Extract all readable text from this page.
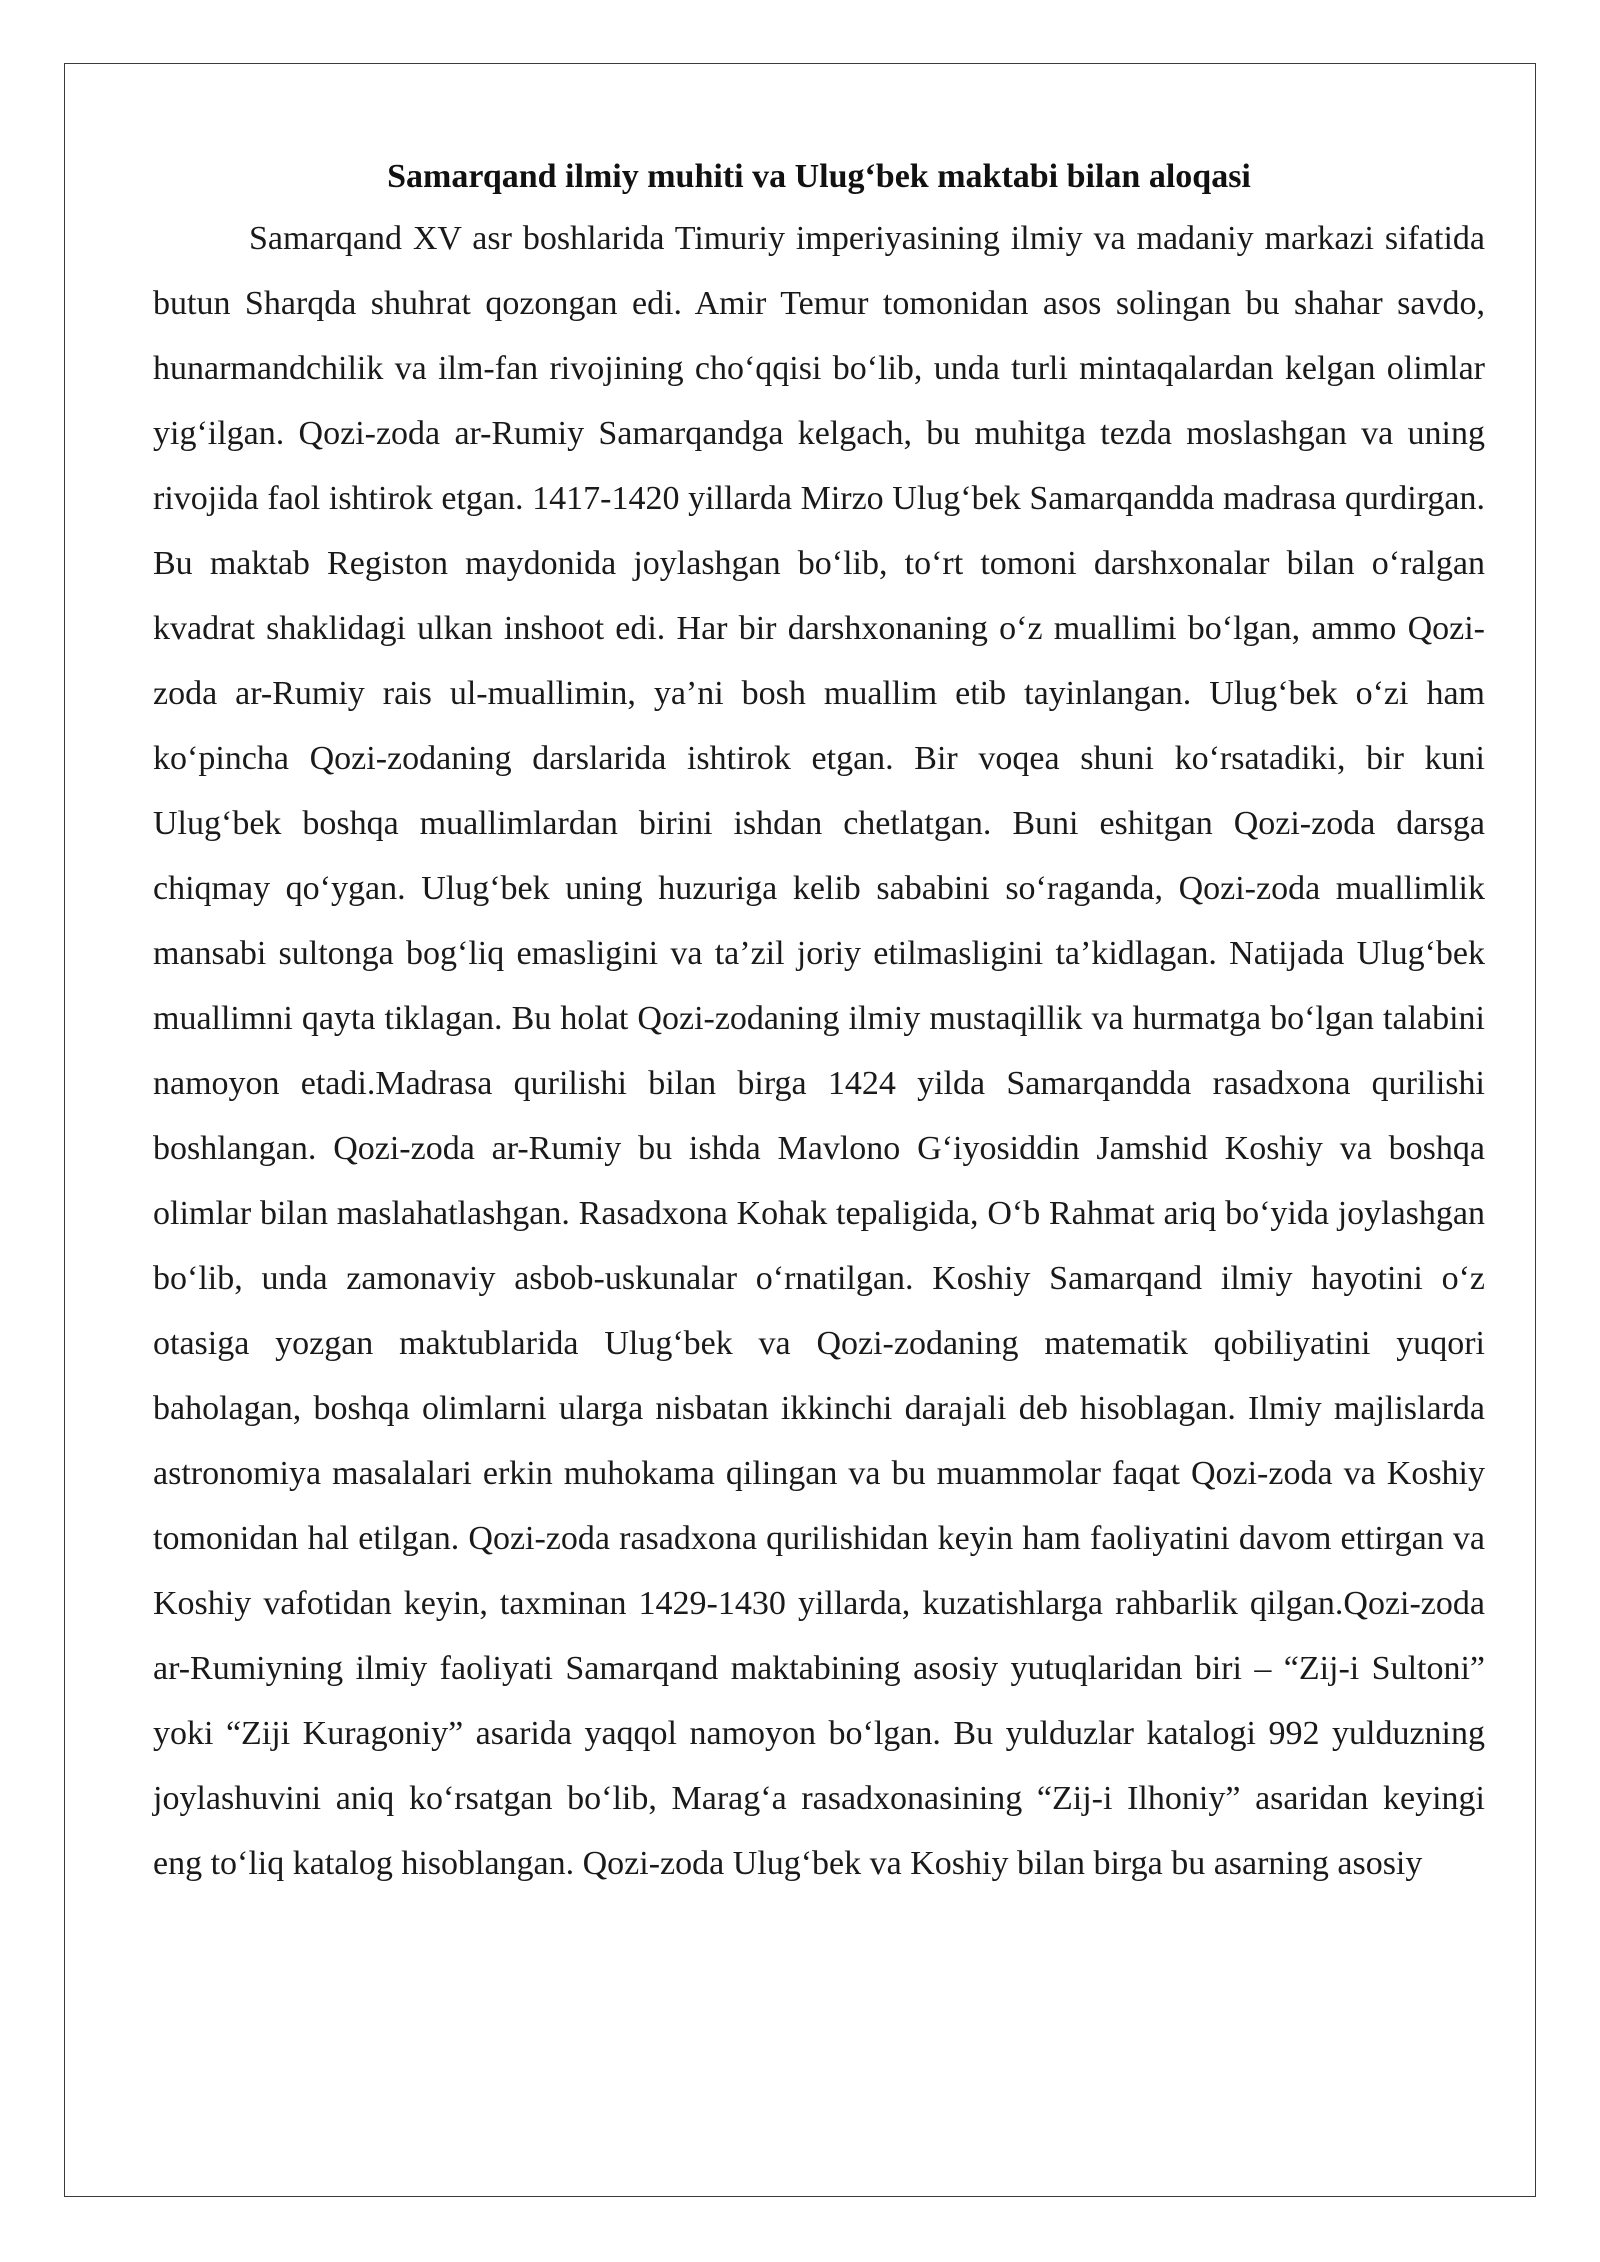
Samarqand ilmiy muhiti va Ulug‘bek maktabi bilan aloqasi

Samarqand XV asr boshlarida Timuriy imperiyasining ilmiy va madaniy markazi sifatida butun Sharqda shuhrat qozongan edi. Amir Temur tomonidan asos solingan bu shahar savdo, hunarmandchilik va ilm-fan rivojining cho‘qqisi bo‘lib, unda turli mintaqalardan kelgan olimlar yig‘ilgan. Qozi-zoda ar-Rumiy Samarqandga kelgach, bu muhitga tezda moslashgan va uning rivojida faol ishtirok etgan. 1417-1420 yillarda Mirzo Ulug‘bek Samarqandda madrasa qurdirgan. Bu maktab Registon maydonida joylashgan bo‘lib, to‘rt tomoni darshxonalar bilan o‘ralgan kvadrat shaklidagi ulkan inshoot edi. Har bir darshxonaning o‘z muallimi bo‘lgan, ammo Qozi-zoda ar-Rumiy rais ul-muallimin, ya’ni bosh muallim etib tayinlangan. Ulug‘bek o‘zi ham ko‘pincha Qozi-zodaning darslarida ishtirok etgan. Bir voqea shuni ko‘rsatadiki, bir kuni Ulug‘bek boshqa muallimlardan birini ishdan chetlatgan. Buni eshitgan Qozi-zoda darsga chiqmay qo‘ygan. Ulug‘bek uning huzuriga kelib sababini so‘raganda, Qozi-zoda muallimlik mansabi sultonga bog‘liq emasligini va ta’zil joriy etilmasligini ta’kidlagan. Natijada Ulug‘bek muallimni qayta tiklagan. Bu holat Qozi-zodaning ilmiy mustaqillik va hurmatga bo‘lgan talabini namoyon etadi.Madrasa qurilishi bilan birga 1424 yilda Samarqandda rasadxona qurilishi boshlangan. Qozi-zoda ar-Rumiy bu ishda Mavlono G‘iyosiddin Jamshid Koshiy va boshqa olimlar bilan maslahatlashgan. Rasadxona Kohak tepaligida, O‘b Rahmat ariq bo‘yida joylashgan bo‘lib, unda zamonaviy asbob-uskunalar o‘rnatilgan. Koshiy Samarqand ilmiy hayotini o‘z otasiga yozgan maktublarida Ulug‘bek va Qozi-zodaning matematik qobiliyatini yuqori baholagan, boshqa olimlarni ularga nisbatan ikkinchi darajali deb hisoblagan. Ilmiy majlislarda astronomiya masalalari erkin muhokama qilingan va bu muammolar faqat Qozi-zoda va Koshiy tomonidan hal etilgan. Qozi-zoda rasadxona qurilishidan keyin ham faoliyatini davom ettirgan va Koshiy vafotidan keyin, taxminan 1429-1430 yillarda, kuzatishlarga rahbarlik qilgan.Qozi-zoda ar-Rumiyning ilmiy faoliyati Samarqand maktabining asosiy yutuqlaridan biri – “Zij-i Sultoni” yoki “Ziji Kuragoniy” asarida yaqqol namoyon bo‘lgan. Bu yulduzlar katalogi 992 yulduzning joylashuvini aniq ko‘rsatgan bo‘lib, Marag‘a rasadxonasining “Zij-i Ilhoniy” asaridan keyingi eng to‘liq katalog hisoblangan. Qozi-zoda Ulug‘bek va Koshiy bilan birga bu asarning asosiy
